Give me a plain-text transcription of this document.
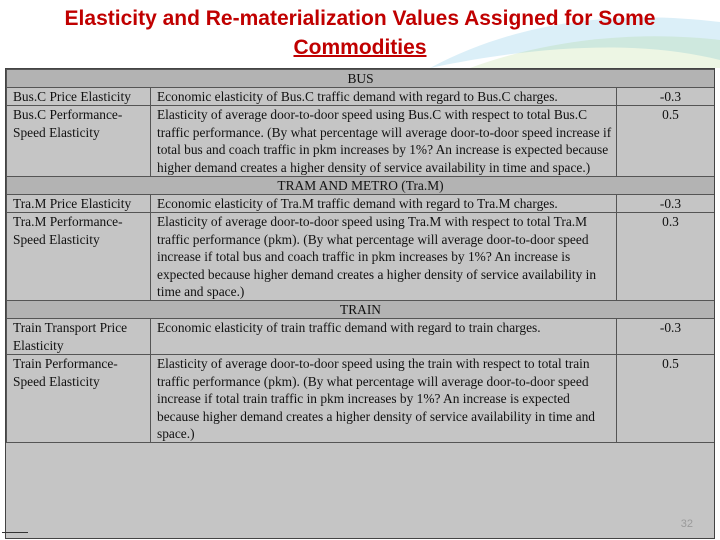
Elasticity and Re-materialization Values Assigned for Some
Commodities
BUS		
Bus.C Price Elasticity	Economic elasticity of Bus.C traffic demand with regard to Bus.C charges.	-0.3
Bus.C Performance-Speed Elasticity	Elasticity of average door-to-door speed using Bus.C with respect to total Bus.C traffic performance. (By what percentage will average door-to-door speed increase if total bus and coach traffic in pkm increases by 1%? An increase is expected because higher demand creates a higher density of service availability in time and space.)	0.5
TRAM AND METRO (Tra.M)		
Tra.M Price Elasticity	Economic elasticity of Tra.M traffic demand with regard to Tra.M charges.	-0.3
Tra.M Performance-Speed Elasticity	Elasticity of average door-to-door speed using Tra.M with respect to total Tra.M traffic performance (pkm). (By what percentage will average door-to-door speed increase if total bus and coach traffic in pkm increases by 1%? An increase is expected because higher demand creates a higher density of service availability in time and space.)	0.3
TRAIN		
Train Transport Price Elasticity	Economic elasticity of train traffic demand with regard to train charges.	-0.3
Train Performance-Speed Elasticity	Elasticity of average door-to-door speed using the train with respect to total train traffic performance (pkm). (By what percentage will average door-to-door speed increase if total train traffic in pkm increases by 1%? An increase is expected because higher demand creates a higher density of service availability in time and space.)	0.5
32
